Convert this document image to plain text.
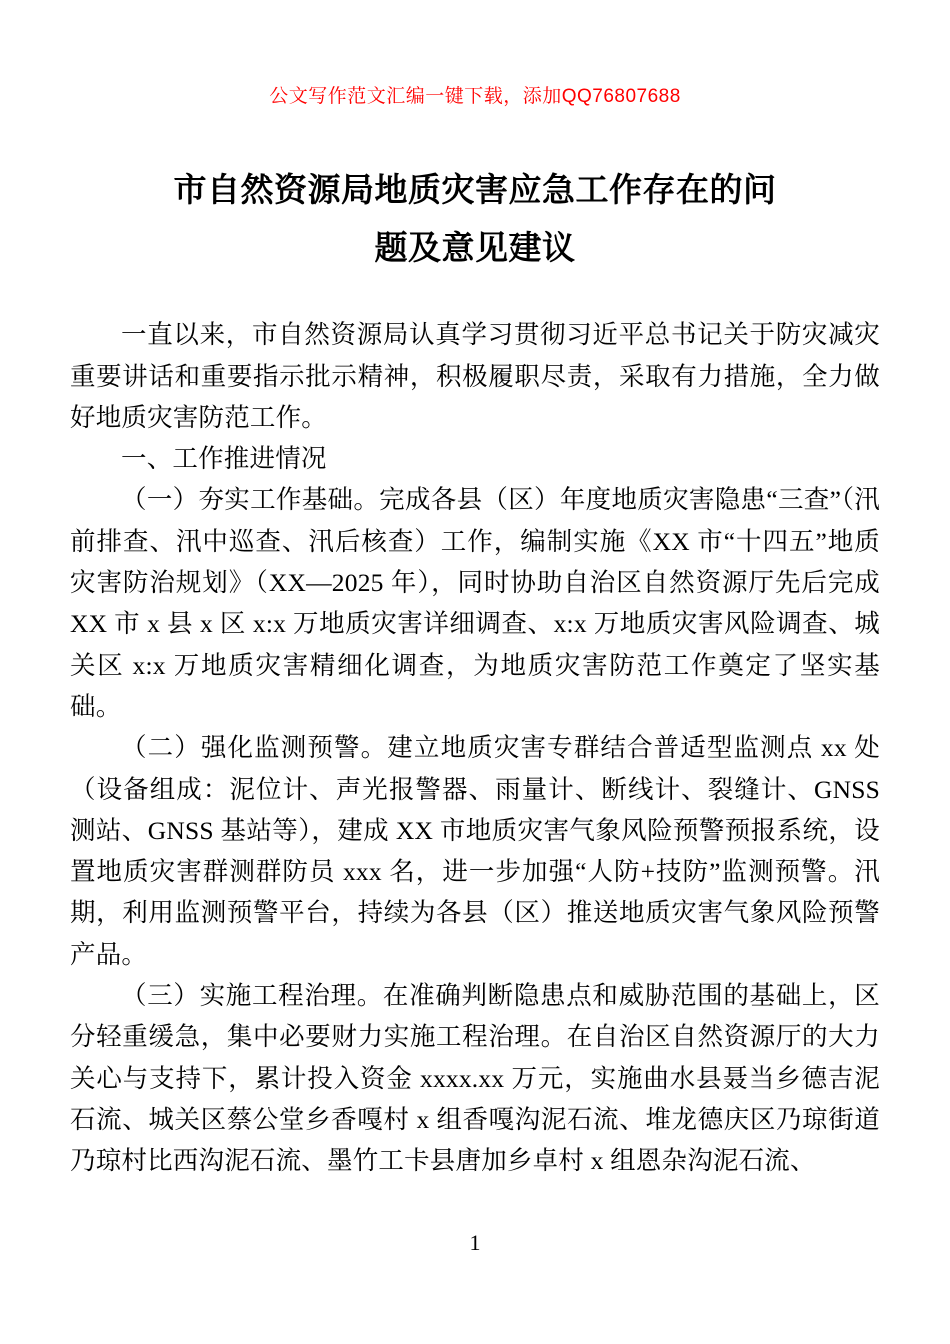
公文写作范文汇编一键下载，添加QQ76807688
市自然资源局地质灾害应急工作存在的问
题及意见建议

一直以来，市自然资源局认真学习贯彻习近平总书记关于防灾减灾重要讲话和重要指示批示精神，积极履职尽责，采取有力措施，全力做好地质灾害防范工作。

一、工作推进情况

（一）夯实工作基础。完成各县（区）年度地质灾害隐患“三查”（汛前排查、汛中巡查、汛后核查）工作，编制实施《XX 市“十四五”地质灾害防治规划》（XX—2025 年），同时协助自治区自然资源厅先后完成 XX 市 x 县 x 区 x:x 万地质灾害详细调查、x:x 万地质灾害风险调查、城关区 x:x 万地质灾害精细化调查，为地质灾害防范工作奠定了坚实基础。

（二）强化监测预警。建立地质灾害专群结合普适型监测点 xx 处（设备组成：泥位计、声光报警器、雨量计、断线计、裂缝计、GNSS 测站、GNSS 基站等），建成 XX 市地质灾害气象风险预警预报系统，设置地质灾害群测群防员 xxx 名，进一步加强“人防+技防”监测预警。汛期，利用监测预警平台，持续为各县（区）推送地质灾害气象风险预警产品。

（三）实施工程治理。在准确判断隐患点和威胁范围的基础上，区分轻重缓急，集中必要财力实施工程治理。在自治区自然资源厅的大力关心与支持下，累计投入资金 xxxx.xx 万元，实施曲水县聂当乡德吉泥石流、城关区蔡公堂乡香嘎村 x 组香嘎沟泥石流、堆龙德庆区乃琼街道乃琼村比西沟泥石流、墨竹工卡县唐加乡卓村 x 组恩杂沟泥石流、

1
